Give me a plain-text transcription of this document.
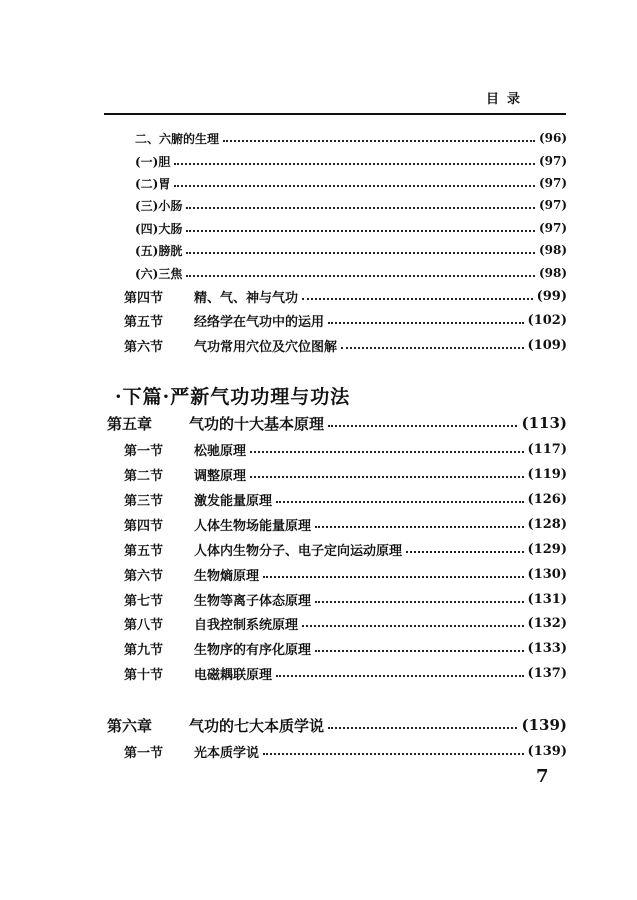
目录
二、六腑的生理	(96)
(一)胆	(97)
(二)胃	(97)
(三)小肠	(97)
(四)大肠	(97)
(五)膀胱	(98)
(六)三焦	(98)
第四节	精、气、神与气功	(99)
第五节	经络学在气功中的运用	(102)
第六节	气功常用穴位及穴位图解	(109)
·下篇·严新气功功理与功法
第五章	气功的十大基本原理	(113)
第一节	松驰原理	(117)
第二节	调整原理	(119)
第三节	激发能量原理	(126)
第四节	人体生物场能量原理	(128)
第五节	人体内生物分子、电子定向运动原理	(129)
第六节	生物熵原理	(130)
第七节	生物等离子体态原理	(131)
第八节	自我控制系统原理	(132)
第九节	生物序的有序化原理	(133)
第十节	电磁耦联原理	(137)
第六章	气功的七大本质学说	(139)
第一节	光本质学说	(139)
7
